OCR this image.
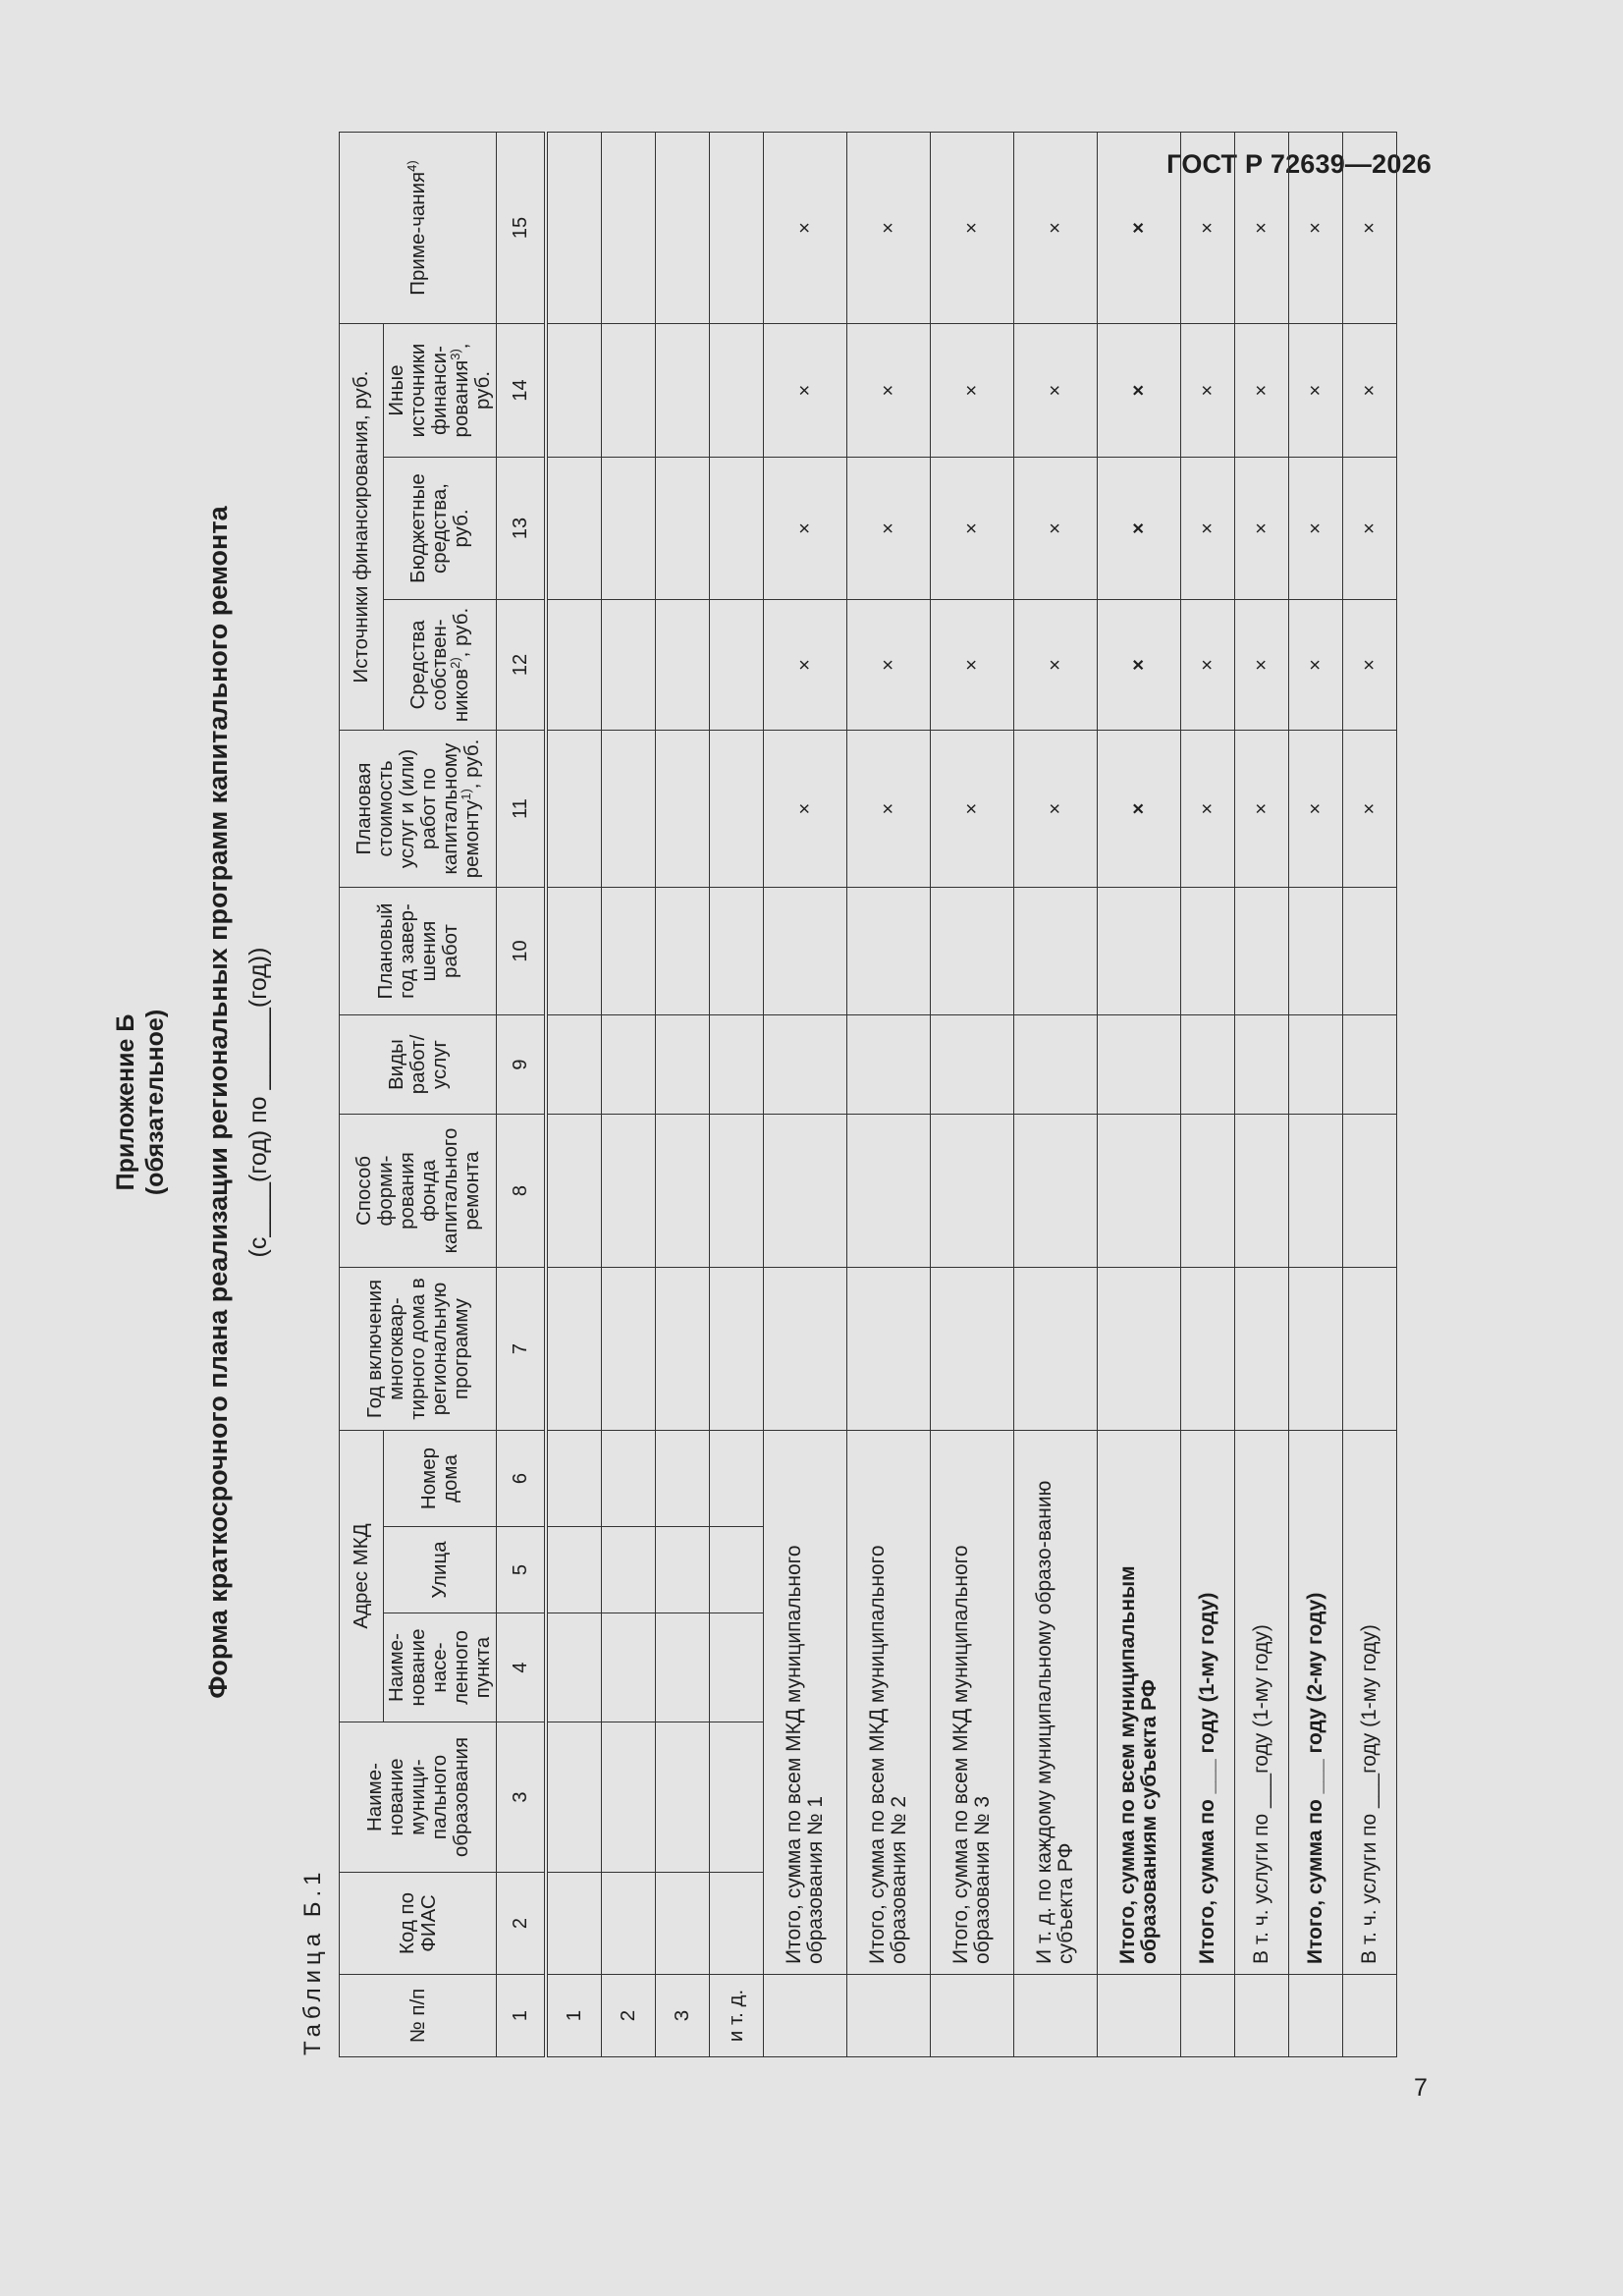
ГОСТ Р 72639—2026
Приложение Б (обязательное) Форма краткосрочного плана реализации региональных программ капитального ремонта (с____(год) по ______(год))
Таблица Б.1	№ п/п	Код по ФИАС	Наиме-нование муници-пального образования	Адрес МКД			Год включения многоквар-тирного дома в региональную программу	Способ форми-рования фонда капитального ремонта	Виды работ/ услуг	Плановый год завер-шения работ	Плановая стоимость услуг и (или) работ по капитальному ремонту$^{1)}$, руб.	Источники финансирования, руб.			Приме-чания$^{4)}$
			Наиме-нование насе-ленного пункта	Улица	Номер дома						Средства собствен-ников$^{2)}$, руб.	Бюджетные средства, руб.	Иные источники финанси-рования$^{3)}$, руб.	
1	2	3	4	5	6	7	8	9	10	11	12	13	14	15
1														
2														
3														
и т. д.														
	Итого, сумма по всем МКД муниципального образования № 1									×	×	×	×	×
	Итого, сумма по всем МКД муниципального образования № 2									×	×	×	×	×
	Итого, сумма по всем МКД муниципального образования № 3									×	×	×	×	×
	И т. д. по каждому муниципальному образо-ванию субъекта РФ									×	×	×	×	×
	Итого, сумма по всем муниципальным образованиям субъекта РФ									×	×	×	×	×
	Итого, сумма по ___ году (1-му году)									×	×	×	×	×
	В т. ч. услуги по ___году (1-му году)									×	×	×	×	×
	Итого, сумма по ___ году (2-му году)									×	×	×	×	×
	В т. ч. услуги по ___году (1-му году)									×	×	×	×	×
7
